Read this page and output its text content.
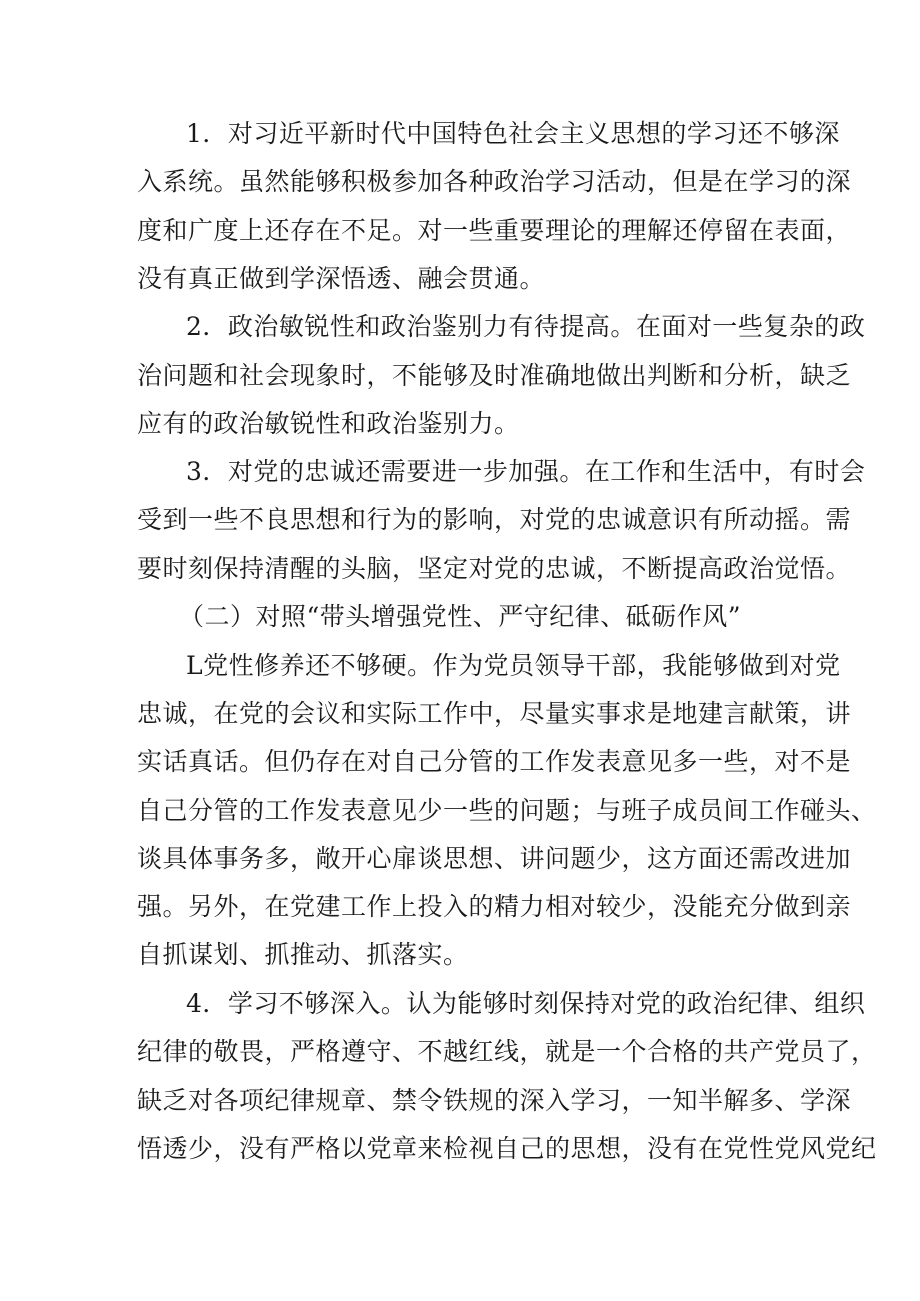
1．对习近平新时代中国特色社会主义思想的学习还不够深
入系统。虽然能够积极参加各种政治学习活动，但是在学习的深
度和广度上还存在不足。对一些重要理论的理解还停留在表面，
没有真正做到学深悟透、融会贯通。
2．政治敏锐性和政治鉴别力有待提高。在面对一些复杂的政
治问题和社会现象时，不能够及时准确地做出判断和分析，缺乏
应有的政治敏锐性和政治鉴别力。
3．对党的忠诚还需要进一步加强。在工作和生活中，有时会
受到一些不良思想和行为的影响，对党的忠诚意识有所动摇。需
要时刻保持清醒的头脑，坚定对党的忠诚，不断提高政治觉悟。
（二）对照“带头增强党性、严守纪律、砥砺作风”
L党性修养还不够硬。作为党员领导干部，我能够做到对党
忠诚，在党的会议和实际工作中，尽量实事求是地建言献策，讲
实话真话。但仍存在对自己分管的工作发表意见多一些，对不是
自己分管的工作发表意见少一些的问题；与班子成员间工作碰头、
谈具体事务多，敞开心扉谈思想、讲问题少，这方面还需改进加
强。另外，在党建工作上投入的精力相对较少，没能充分做到亲
自抓谋划、抓推动、抓落实。
4．学习不够深入。认为能够时刻保持对党的政治纪律、组织
纪律的敬畏，严格遵守、不越红线，就是一个合格的共产党员了，
缺乏对各项纪律规章、禁令铁规的深入学习，一知半解多、学深
悟透少，没有严格以党章来检视自己的思想，没有在党性党风党纪
